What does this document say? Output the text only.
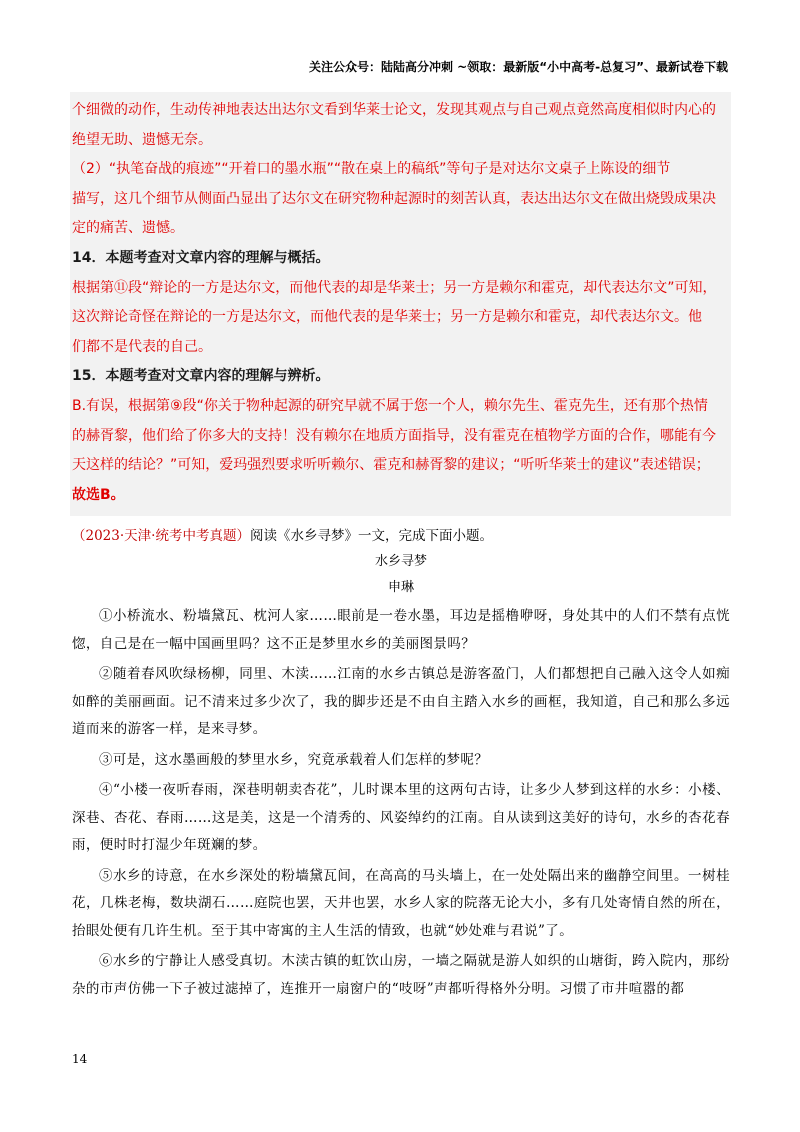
关注公众号：陆陆高分冲刺 ~领取：最新版“小中高考-总复习”、最新试卷下载

个细微的动作，生动传神地表达出达尔文看到华莱士论文，发现其观点与自己观点竟然高度相似时内心的

绝望无助、遗憾无奈。

（2）“执笔奋战的痕迹”“开着口的墨水瓶”“散在桌上的稿纸”等句子是对达尔文桌子上陈设的细节

描写，这几个细节从侧面凸显出了达尔文在研究物种起源时的刻苦认真，表达出达尔文在做出烧毁成果决

定的痛苦、遗憾。

14．本题考查对文章内容的理解与概括。

根据第⑪段“辩论的一方是达尔文，而他代表的却是华莱士；另一方是赖尔和霍克，却代表达尔文”可知，

这次辩论奇怪在辩论的一方是达尔文，而他代表的是华莱士；另一方是赖尔和霍克，却代表达尔文。他

们都不是代表的自己。

15．本题考查对文章内容的理解与辨析。

B.有误，根据第⑨段“你关于物种起源的研究早就不属于您一个人，赖尔先生、霍克先生，还有那个热情

的赫胥黎，他们给了你多大的支持！没有赖尔在地质方面指导，没有霍克在植物学方面的合作，哪能有今

天这样的结论？”可知，爱玛强烈要求听听赖尔、霍克和赫胥黎的建议；“听听华莱士的建议”表述错误；

故选B。

（2023·天津·统考中考真题）阅读《水乡寻梦》一文，完成下面小题。

水乡寻梦

申琳

①小桥流水、粉墙黛瓦、枕河人家……眼前是一卷水墨，耳边是摇橹咿呀，身处其中的人们不禁有点恍惚，自己是在一幅中国画里吗？这不正是梦里水乡的美丽图景吗？

②随着春风吹绿杨柳，同里、木渎……江南的水乡古镇总是游客盈门，人们都想把自己融入这令人如痴如醉的美丽画面。记不清来过多少次了，我的脚步还是不由自主踏入水乡的画框，我知道，自己和那么多远道而来的游客一样，是来寻梦。

③可是，这水墨画般的梦里水乡，究竟承载着人们怎样的梦呢？

④“小楼一夜听春雨，深巷明朝卖杏花”，儿时课本里的这两句古诗，让多少人梦到这样的水乡：小楼、深巷、杏花、春雨……这是美，这是一个清秀的、风姿绰约的江南。自从读到这美好的诗句，水乡的杏花春雨，便时时打湿少年斑斓的梦。

⑤水乡的诗意，在水乡深处的粉墙黛瓦间，在高高的马头墙上，在一处处隔出来的幽静空间里。一树桂花，几株老梅，数块湖石……庭院也罢，天井也罢，水乡人家的院落无论大小，多有几处寄情自然的所在，抬眼处便有几许生机。至于其中寄寓的主人生活的情致，也就“妙处难与君说”了。

⑥水乡的宁静让人感受真切。木渎古镇的虹饮山房，一墙之隔就是游人如织的山塘街，跨入院内，那纷杂的市声仿佛一下子被过滤掉了，连推开一扇窗户的“吱呀”声都听得格外分明。习惯了市井喧嚣的都

14
